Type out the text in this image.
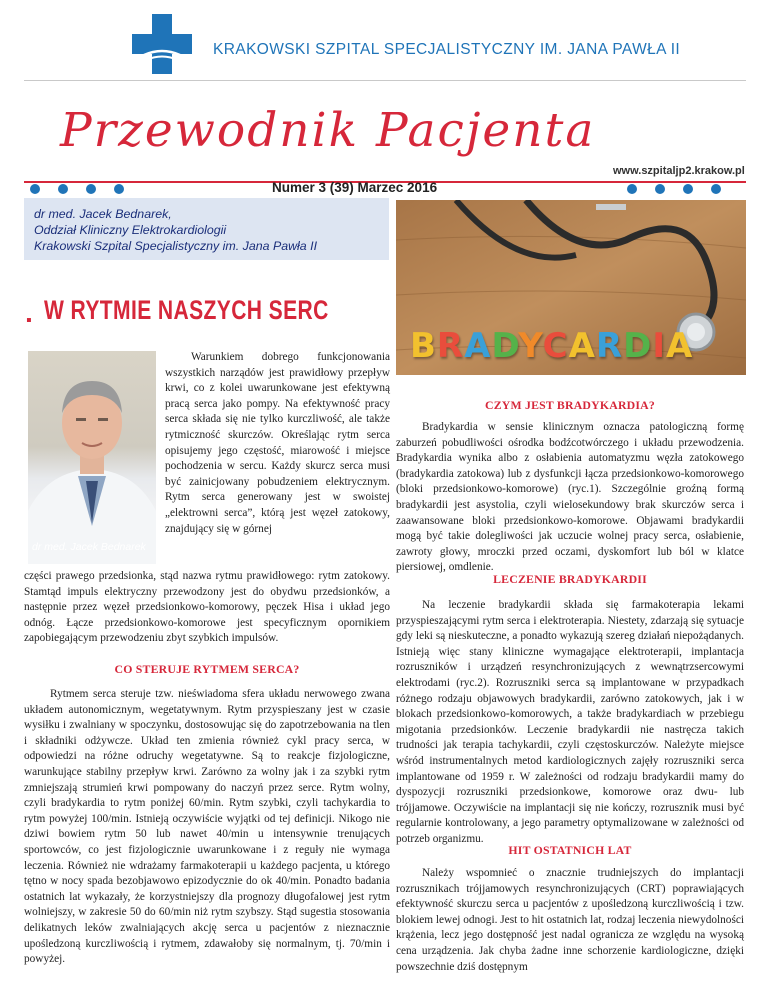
KRAKOWSKI SZPITAL SPECJALISTYCZNY IM. JANA PAWŁA II
Przewodnik Pacjenta
www.szpitaljp2.krakow.pl
Numer 3 (39) Marzec 2016
dr med. Jacek Bednarek,
Oddział Kliniczny Elektrokardiologii
Krakowski Szpital Specjalistyczny im. Jana Pawła II
▪ W RYTMIE NASZYCH SERC
BRADYCARDIA
dr med. Jacek Bednarek

Warunkiem dobrego funkcjonowania wszystkich narządów jest prawidłowy przepływ krwi, co z kolei uwarunkowane jest efektywną pracą serca jako pompy. Na efektywność pracy serca składa się nie tylko kurczliwość, ale także rytmiczność skurczów. Określając rytm serca opisujemy jego częstość, miarowość i miejsce pochodzenia w sercu. Każdy skurcz serca musi być zainicjowany pobudzeniem elektrycznym. Rytm serca generowany jest w swoistej „elektrowni serca”, którą jest węzeł zatokowy, znajdujący się w górnej

części prawego przedsionka, stąd nazwa rytmu prawidłowego: rytm zatokowy. Stamtąd impuls elektryczny przewodzony jest do obydwu przedsionków, a następnie przez węzeł przedsionkowo-komorowy, pęczek Hisa i układ jego odnóg. Łącze przedsionkowo-komorowe jest specyficznym opornikiem zapobiegającym przewodzeniu zbyt szybkich impulsów.

CO STERUJE RYTMEM SERCA?

Rytmem serca steruje tzw. nieświadoma sfera układu nerwowego zwana układem autonomicznym, wegetatywnym. Rytm przyspieszany jest w czasie wysiłku i zwalniany w spoczynku, dostosowując się do zapotrzebowania na tlen i składniki odżywcze. Układ ten zmienia również cykl pracy serca, w odpowiedzi na różne odruchy wegetatywne. Są to reakcje fizjologiczne, warunkujące stabilny przepływ krwi. Zarówno za wolny jak i za szybki rytm zmniejszają strumień krwi pompowany do naczyń przez serce. Rytm wolny, czyli bradykardia to rytm poniżej 60/min. Rytm szybki, czyli tachykardia to rytm powyżej 100/min. Istnieją oczywiście wyjątki od tej definicji. Nikogo nie dziwi bowiem rytm 50 lub nawet 40/min u intensywnie trenujących sportowców, co jest fizjologicznie uwarunkowane i z reguły nie wymaga leczenia. Również nie wdrażamy farmakoterapii u każdego pacjenta, u którego tętno w nocy spada bezobjawowo epizodycznie do ok 40/min. Ponadto badania ostatnich lat wykazały, że korzystniejszy dla prognozy długofalowej jest rytm wolniejszy, w zakresie 50 do 60/min niż rytm szybszy. Stąd sugestia stosowania delikatnych leków zwalniających akcję serca u pacjentów z nieznacznie upośledzoną kurczliwością i rytmem, zdawałoby się normalnym, tj. 70/min i powyżej.

CZYM JEST BRADYKARDIA?

Bradykardia w sensie klinicznym oznacza patologiczną formę zaburzeń pobudliwości ośrodka bodźcotwórczego i układu przewodzenia. Bradykardia wynika albo z osłabienia automatyzmu węzła zatokowego (bradykardia zatokowa) lub z dysfunkcji łącza przedsionkowo-komorowego (bloki przedsionkowo-komorowe) (ryc.1). Szczególnie groźną formą bradykardii jest asystolia, czyli wielosekundowy brak skurczów serca i zaawansowane bloki przedsionkowo-komorowe. Objawami bradykardii mogą być takie dolegliwości jak uczucie wolnej pracy serca, osłabienie, zawroty głowy, mroczki przed oczami, dyskomfort lub ból w klatce piersiowej, omdlenie.

LECZENIE BRADYKARDII

Na leczenie bradykardii składa się farmakoterapia lekami przyspieszającymi rytm serca i elektroterapia. Niestety, zdarzają się sytuacje gdy leki są nieskuteczne, a ponadto wykazują szereg działań niepożądanych. Istnieją więc stany kliniczne wymagające elektroterapii, implantacja rozruszników i urządzeń resynchronizujących z wewnątrzsercowymi elektrodami (ryc.2). Rozruszniki serca są implantowane w przypadkach różnego rodzaju objawowych bradykardii, zarówno zatokowych, jak i w blokach przedsionkowo-komorowych, a także bradykardiach w przebiegu migotania przedsionków. Leczenie bradykardii nie nastręcza takich trudności jak terapia tachykardii, czyli częstoskurczów. Należyte miejsce wśród instrumentalnych metod kardiologicznych zajęły rozruszniki serca implantowane od 1959 r. W zależności od rodzaju bradykardii mamy do dyspozycji rozruszniki przedsionkowe, komorowe oraz dwu- lub trójjamowe. Oczywiście na implantacji się nie kończy, rozrusznik musi być regularnie kontrolowany, a jego parametry optymalizowane w zależności od potrzeb organizmu.

HIT OSTATNICH LAT

Należy wspomnieć o znacznie trudniejszych do implantacji rozrusznikach trójjamowych resynchronizujących (CRT) poprawiających efektywność skurczu serca u pacjentów z upośledzoną kurczliwością i tzw. blokiem lewej odnogi. Jest to hit ostatnich lat, rodzaj leczenia niewydolności krążenia, lecz jego dostępność jest nadal ogranicza ze względu na wysoką cena urządzenia. Jak chyba żadne inne schorzenie kardiologiczne, dzięki powszechnie dziś dostępnym
